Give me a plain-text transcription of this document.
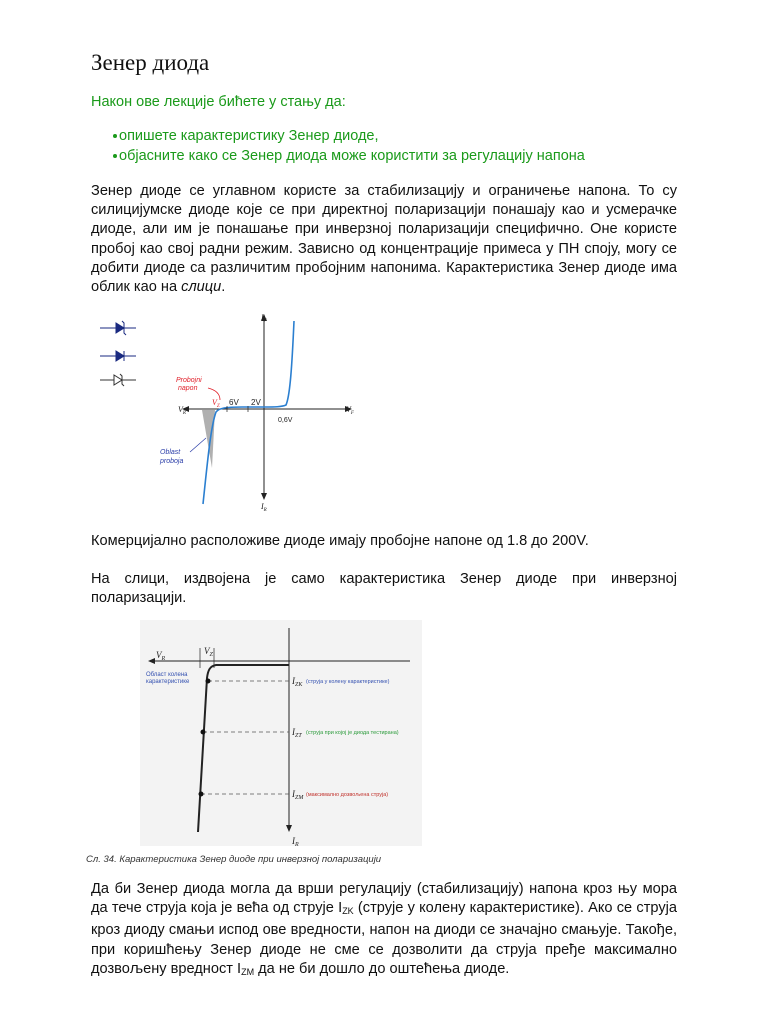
Зенер диода

Након ове лекције бићете у стању да:

опишете карактеристику Зенер диоде,
објасните како се Зенер диода може користити за регулацију напона

Зенер диоде се углавном користе за стабилизацију и ограничење напона. То су силицијумске диоде које се при директној поларизацији понашају као и усмерачке диоде, али им је понашање при инверзној поларизацији специфично. Оне користе пробој као свој радни режим. Зависно од концентрације примеса у ПН споју, могу се добити диоде са различитим пробојним напонима. Карактеристика Зенер диоде има облик као на слици.

$I_F$
$I_R$
$V_F$
$V_R$
Probojni
napon
$V_Z$ 6V 2V
0,6V
Oblast
proboja

Комерцијално расположиве диоде имају пробојне напоне од 1.8 до 200V.

На слици, издвојена је само карактеристика Зенер диоде при инверзној поларизацији.

$V_R$
$V_Z$
Област колена
карактеристике	$I_{ZK}$ (струја у колену карактеристике)
$I_{ZT}$ (струја при којој је диода тестирана)
$I_{ZM}$ (максимално дозвољена струја)
$I_R$
Сл. 34. Карактеристика Зенер диоде при инверзној поларизацији

Да би Зенер диода могла да врши регулацију (стабилизацију) напона кроз њу мора да тече струја која је већа од струје $I_{ZK}$ (струје у колену карактеристике). Ако се струја кроз диоду смањи испод ове вредности, напон на диоди се значајно смањује. Такође, при коришћењу Зенер диоде не сме се дозволити да струја пређе максимално дозвољену вредност $I_{ZM}$ да не би дошло до оштећења диоде.
